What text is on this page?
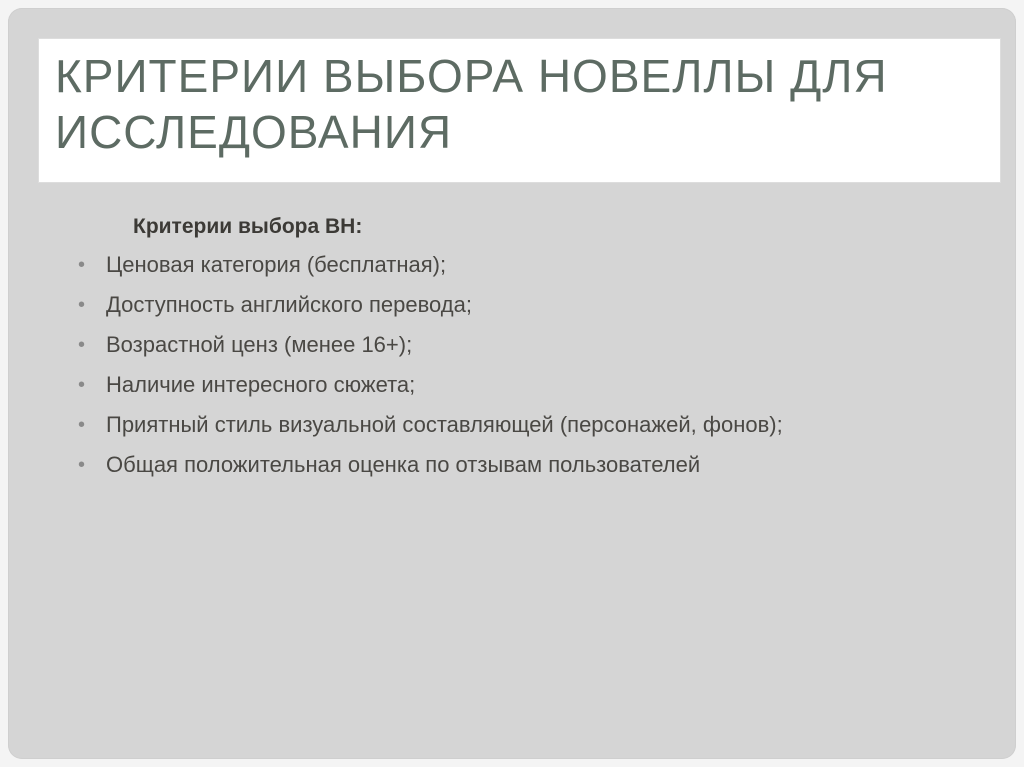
КРИТЕРИИ ВЫБОРА НОВЕЛЛЫ ДЛЯ ИССЛЕДОВАНИЯ

Критерии выбора ВН:

• Ценовая категория (бесплатная);
• Доступность английского перевода;
• Возрастной ценз (менее 16+);
• Наличие интересного сюжета;
• Приятный стиль визуальной составляющей (персонажей, фонов);
• Общая положительная оценка по отзывам пользователей
